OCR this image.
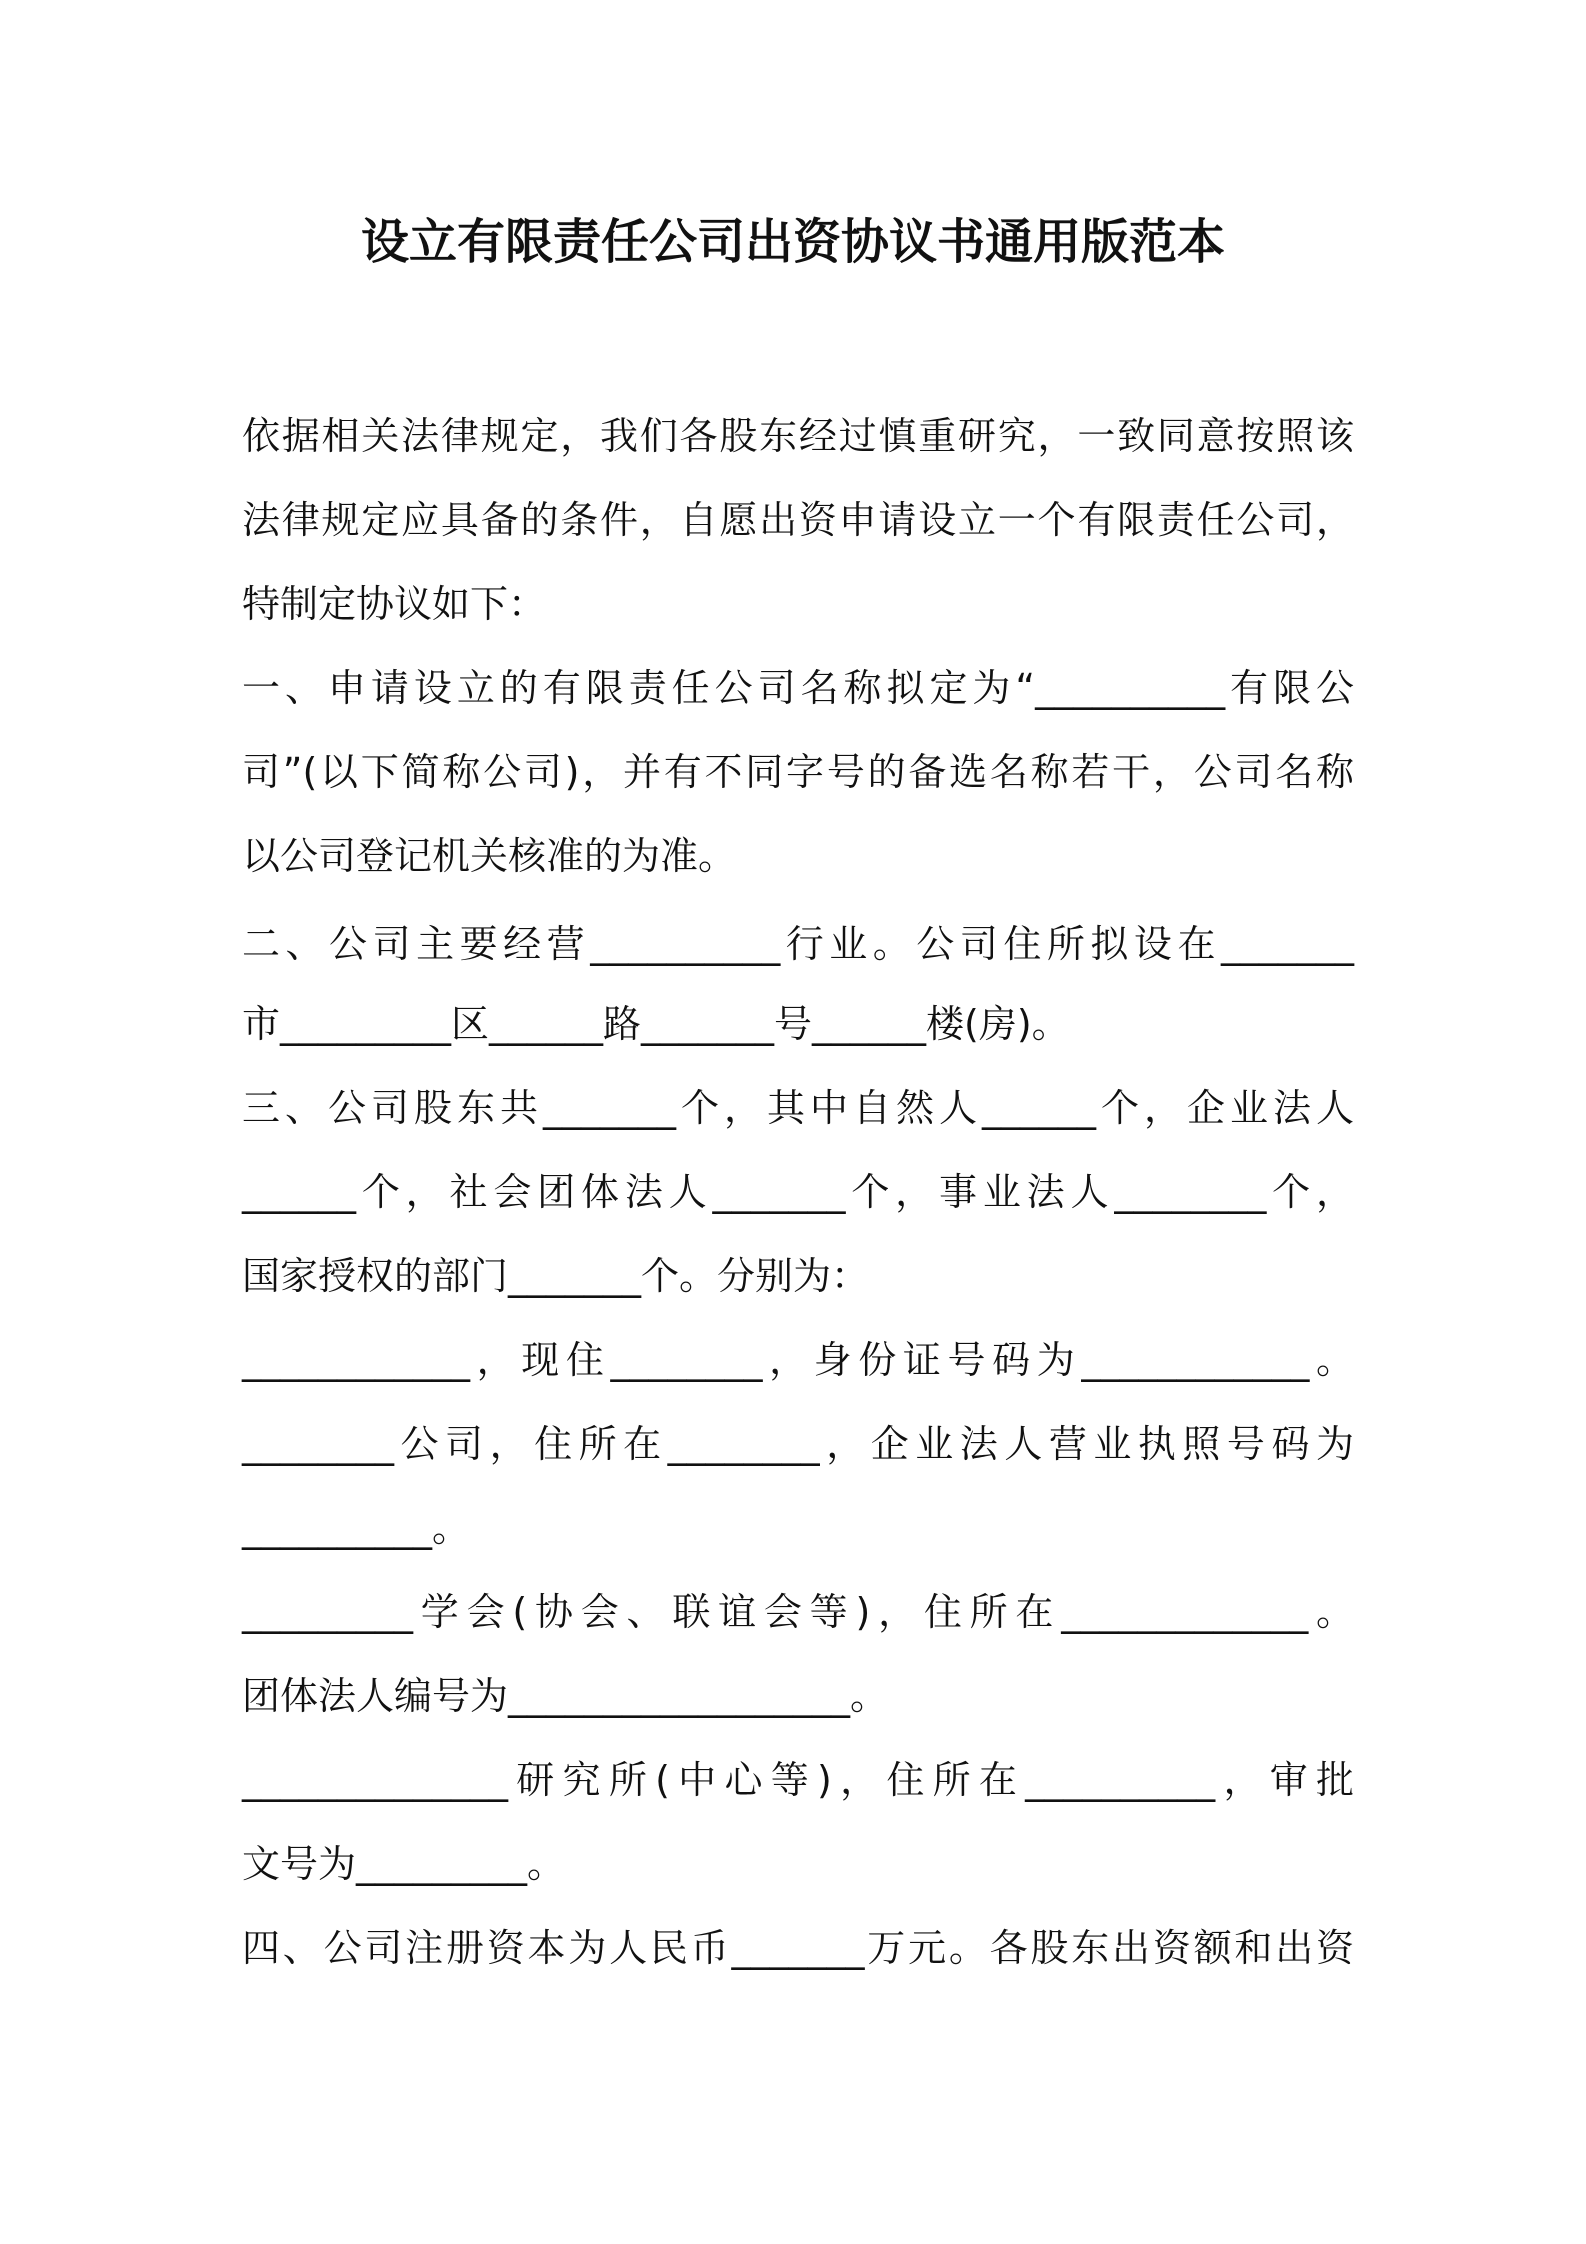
设立有限责任公司出资协议书通用版范本
依据相关法律规定，我们各股东经过慎重研究，一致同意按照该
法律规定应具备的条件，自愿出资申请设立一个有限责任公司，
特制定协议如下：
一、申请设立的有限责任公司名称拟定为“__________有限公
司”(以下简称公司)，并有不同字号的备选名称若干，公司名称
以公司登记机关核准的为准。
二、公司主要经营__________行业。公司住所拟设在_______
市_________区______路_______号______楼(房)。
三、公司股东共_______个，其中自然人______个，企业法人
______个，社会团体法人_______个，事业法人________个，
国家授权的部门_______个。分别为：
____________，现住________，身份证号码为____________。
________公司，住所在________，企业法人营业执照号码为
__________。
_________学会(协会、联谊会等)，住所在_____________。
团体法人编号为__________________。
______________研究所(中心等)，住所在__________，审批
文号为_________。
四、公司注册资本为人民币_______万元。各股东出资额和出资
